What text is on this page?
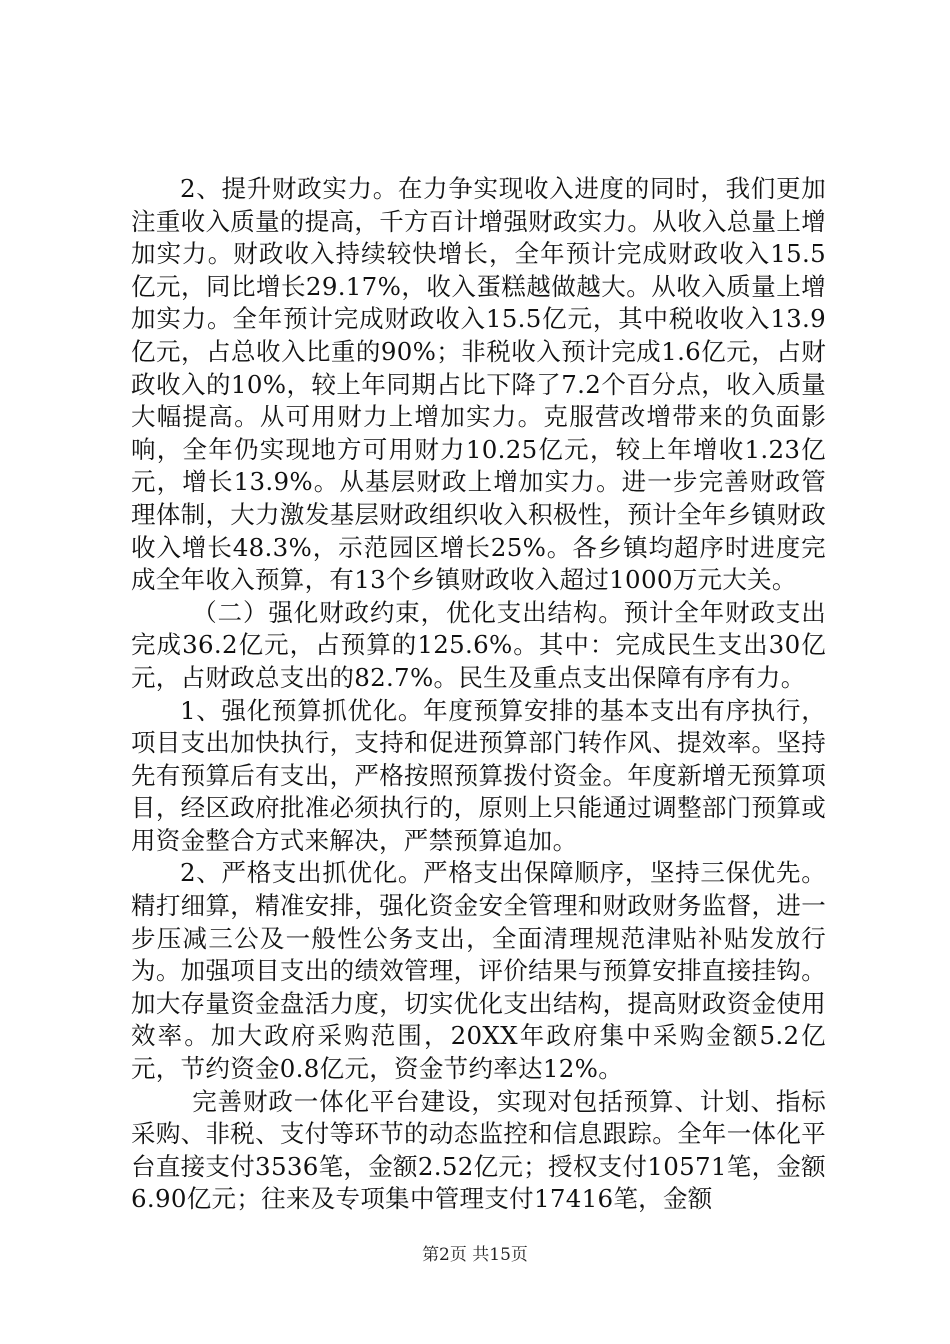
2、提升财政实力。在力争实现收入进度的同时，我们更加注重收入质量的提高，千方百计增强财政实力。从收入总量上增加实力。财政收入持续较快增长，全年预计完成财政收入15.5亿元，同比增长29.17%，收入蛋糕越做越大。从收入质量上增加实力。全年预计完成财政收入15.5亿元，其中税收收入13.9亿元，占总收入比重的90%；非税收入预计完成1.6亿元，占财政收入的10%，较上年同期占比下降了7.2个百分点，收入质量大幅提高。从可用财力上增加实力。克服营改增带来的负面影响，全年仍实现地方可用财力10.25亿元，较上年增收1.23亿元，增长13.9%。从基层财政上增加实力。进一步完善财政管理体制，大力激发基层财政组织收入积极性，预计全年乡镇财政收入增长48.3%，示范园区增长25%。各乡镇均超序时进度完成全年收入预算，有13个乡镇财政收入超过1000万元大关。

（二）强化财政约束，优化支出结构。预计全年财政支出完成36.2亿元，占预算的125.6%。其中：完成民生支出30亿元，占财政总支出的82.7%。民生及重点支出保障有序有力。

1、强化预算抓优化。年度预算安排的基本支出有序执行，项目支出加快执行，支持和促进预算部门转作风、提效率。坚持先有预算后有支出，严格按照预算拨付资金。年度新增无预算项目，经区政府批准必须执行的，原则上只能通过调整部门预算或用资金整合方式来解决，严禁预算追加。

2、严格支出抓优化。严格支出保障顺序，坚持三保优先。精打细算，精准安排，强化资金安全管理和财政财务监督，进一步压减三公及一般性公务支出，全面清理规范津贴补贴发放行为。加强项目支出的绩效管理，评价结果与预算安排直接挂钩。加大存量资金盘活力度，切实优化支出结构，提高财政资金使用效率。加大政府采购范围，20XX年政府集中采购金额5.2亿元，节约资金0.8亿元，资金节约率达12%。

完善财政一体化平台建设，实现对包括预算、计划、指标采购、非税、支付等环节的动态监控和信息跟踪。全年一体化平台直接支付3536笔，金额2.52亿元；授权支付10571笔，金额6.90亿元；往来及专项集中管理支付17416笔，金额

第2页 共15页
